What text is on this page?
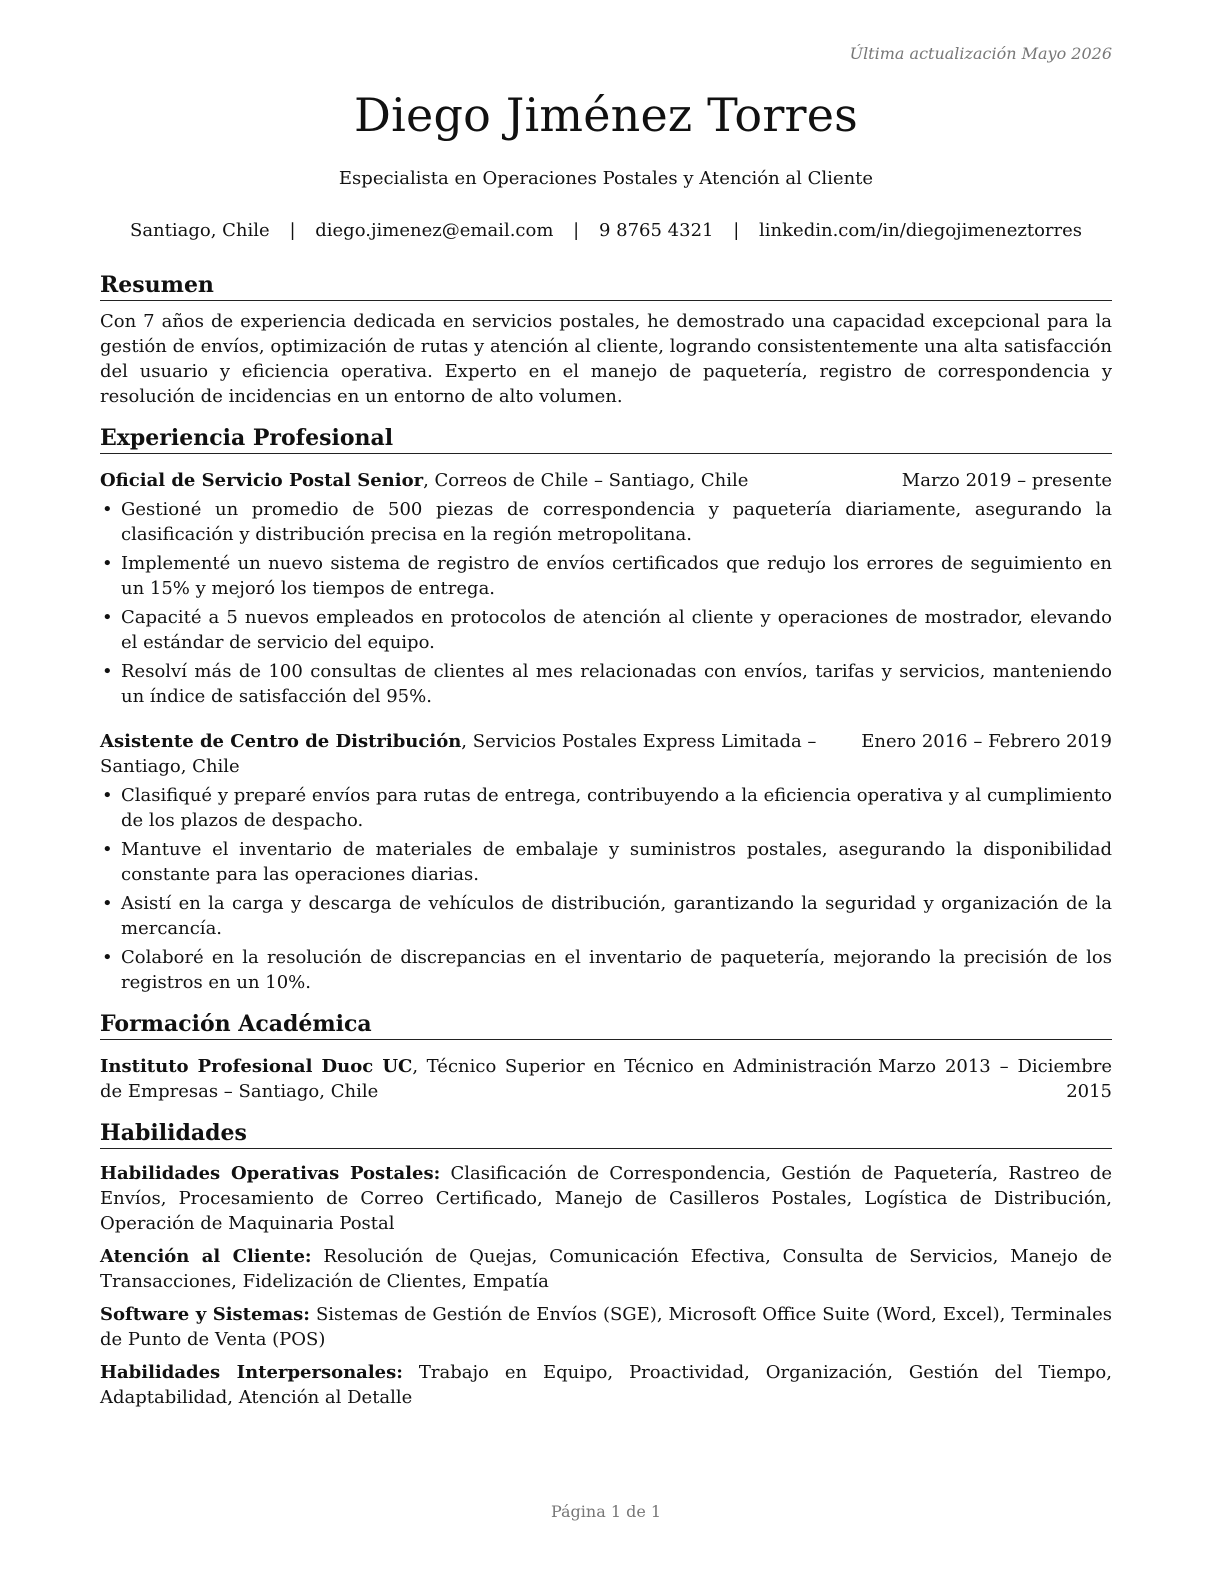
Última actualización Mayo 2026
Diego Jiménez Torres
Especialista en Operaciones Postales y Atención al Cliente
Santiago, Chile | diego.jimenez@email.com | 9 8765 4321 | linkedin.com/in/diegojimeneztorres
Resumen

Con 7 años de experiencia dedicada en servicios postales, he demostrado una capacidad excepcional para la gestión de envíos, optimización de rutas y atención al cliente, logrando consistentemente una alta satisfacción del usuario y eficiencia operativa. Experto en el manejo de paquetería, registro de correspondencia y resolución de incidencias en un entorno de alto volumen.

Experiencia Profesional
Oficial de Servicio Postal Senior, Correos de Chile – Santiago, Chile	Marzo 2019 – presente
• Gestioné un promedio de 500 piezas de correspondencia y paquetería diariamente, asegurando la clasificación y distribución precisa en la región metropolitana.
• Implementé un nuevo sistema de registro de envíos certificados que redujo los errores de seguimiento en un 15% y mejoró los tiempos de entrega.
• Capacité a 5 nuevos empleados en protocolos de atención al cliente y operaciones de mostrador, elevando el estándar de servicio del equipo.
• Resolví más de 100 consultas de clientes al mes relacionadas con envíos, tarifas y servicios, manteniendo un índice de satisfacción del 95%.
Asistente de Centro de Distribución, Servicios Postales Express Limitada – Santiago, Chile
Enero 2016 – Febrero 2019
• Clasifiqué y preparé envíos para rutas de entrega, contribuyendo a la eficiencia operativa y al cumplimiento de los plazos de despacho.
• Mantuve el inventario de materiales de embalaje y suministros postales, asegurando la disponibilidad constante para las operaciones diarias.
• Asistí en la carga y descarga de vehículos de distribución, garantizando la seguridad y organización de la mercancía.
• Colaboré en la resolución de discrepancias en el inventario de paquetería, mejorando la precisión de los registros en un 10%.
Formación Académica
Instituto Profesional Duoc UC, Técnico Superior en Técnico en Administración de Empresas – Santiago, Chile
Marzo 2013 – Diciembre 2015
Habilidades
Habilidades Operativas Postales: Clasificación de Correspondencia, Gestión de Paquetería, Rastreo de Envíos, Procesamiento de Correo Certificado, Manejo de Casilleros Postales, Logística de Distribución, Operación de Maquinaria Postal
Atención al Cliente: Resolución de Quejas, Comunicación Efectiva, Consulta de Servicios, Manejo de Transacciones, Fidelización de Clientes, Empatía
Software y Sistemas: Sistemas de Gestión de Envíos (SGE), Microsoft Office Suite (Word, Excel), Terminales de Punto de Venta (POS)
Habilidades Interpersonales: Trabajo en Equipo, Proactividad, Organización, Gestión del Tiempo, Adaptabilidad, Atención al Detalle
Página 1 de 1
